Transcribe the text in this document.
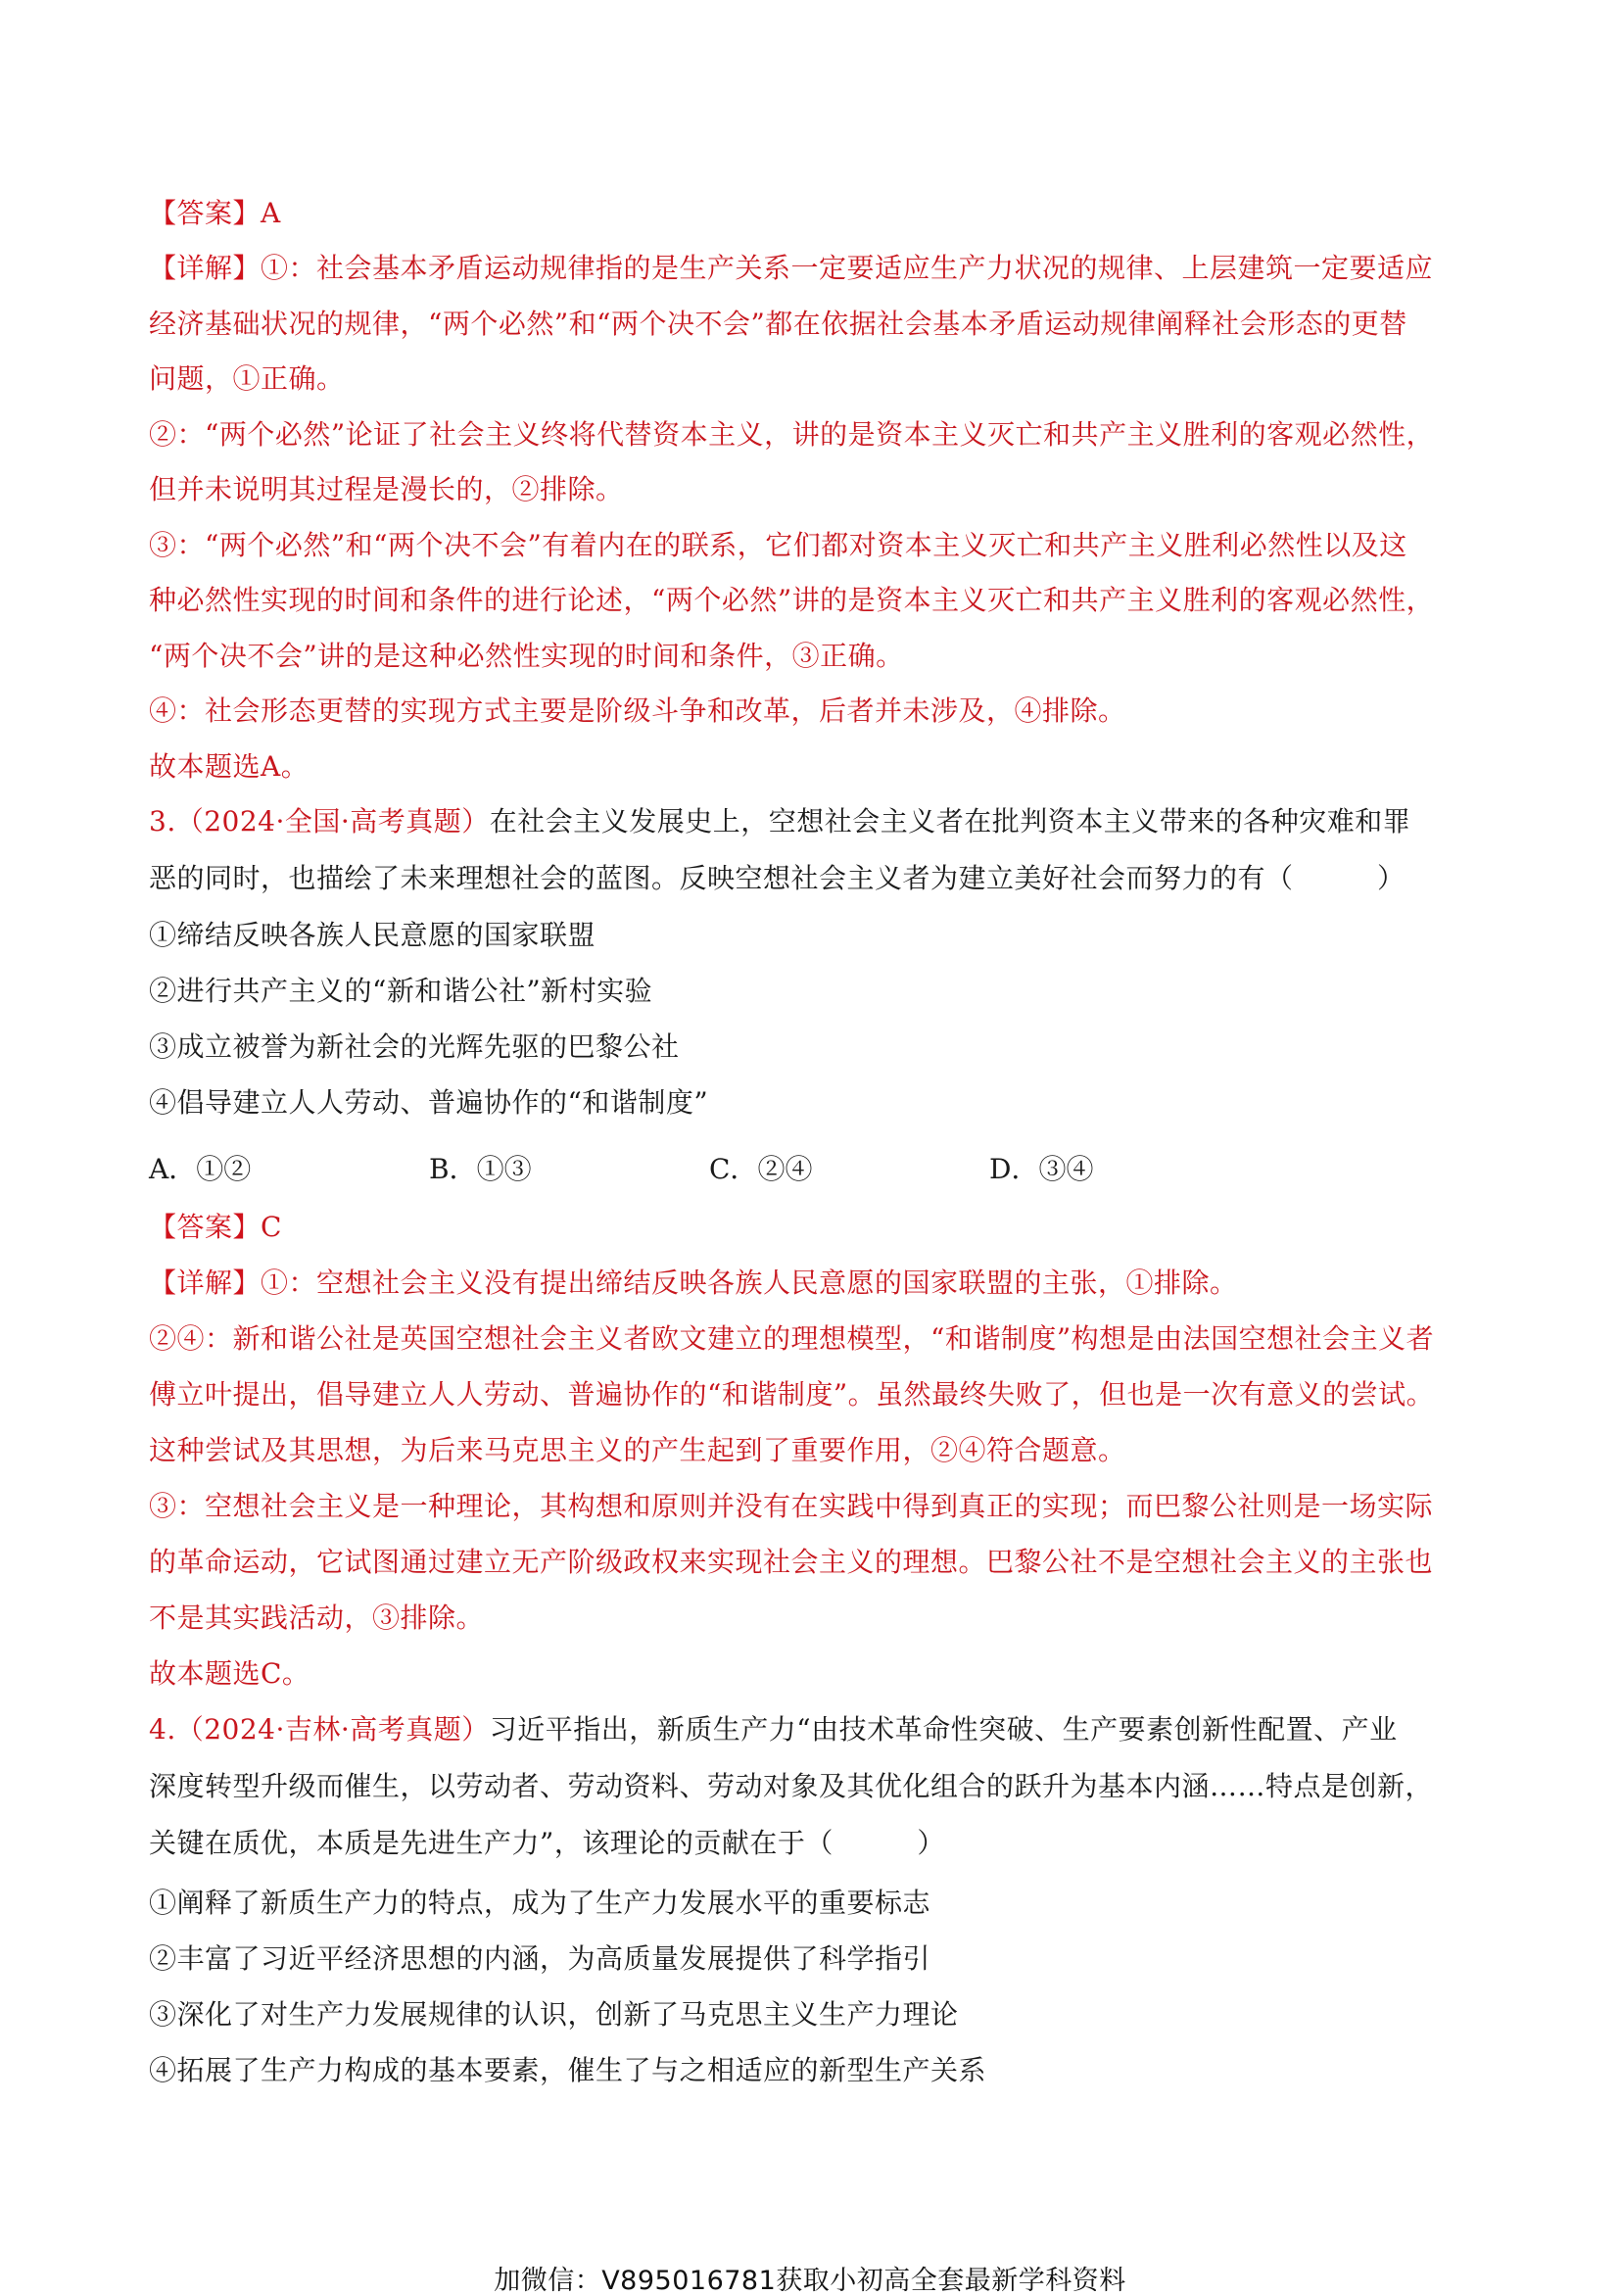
【答案】A
【详解】①：社会基本矛盾运动规律指的是生产关系一定要适应生产力状况的规律、上层建筑一定要适应
经济基础状况的规律，“两个必然”和“两个决不会”都在依据社会基本矛盾运动规律阐释社会形态的更替
问题，①正确。
②：“两个必然”论证了社会主义终将代替资本主义，讲的是资本主义灭亡和共产主义胜利的客观必然性，
但并未说明其过程是漫长的，②排除。
③：“两个必然”和“两个决不会”有着内在的联系，它们都对资本主义灭亡和共产主义胜利必然性以及这
种必然性实现的时间和条件的进行论述，“两个必然”讲的是资本主义灭亡和共产主义胜利的客观必然性，
“两个决不会”讲的是这种必然性实现的时间和条件，③正确。
④：社会形态更替的实现方式主要是阶级斗争和改革，后者并未涉及，④排除。
故本题选A。
3.（2024·全国·高考真题）在社会主义发展史上，空想社会主义者在批判资本主义带来的各种灾难和罪
恶的同时，也描绘了未来理想社会的蓝图。反映空想社会主义者为建立美好社会而努力的有（　　　）
①缔结反映各族人民意愿的国家联盟
②进行共产主义的“新和谐公社”新村实验
③成立被誉为新社会的光辉先驱的巴黎公社
④倡导建立人人劳动、普遍协作的“和谐制度”
A．①②	B．①③	C．②④	D．③④
【答案】C
【详解】①：空想社会主义没有提出缔结反映各族人民意愿的国家联盟的主张，①排除。
②④：新和谐公社是英国空想社会主义者欧文建立的理想模型，“和谐制度”构想是由法国空想社会主义者
傅立叶提出，倡导建立人人劳动、普遍协作的“和谐制度”。虽然最终失败了，但也是一次有意义的尝试。
这种尝试及其思想，为后来马克思主义的产生起到了重要作用，②④符合题意。
③：空想社会主义是一种理论，其构想和原则并没有在实践中得到真正的实现；而巴黎公社则是一场实际
的革命运动，它试图通过建立无产阶级政权来实现社会主义的理想。巴黎公社不是空想社会主义的主张也
不是其实践活动，③排除。
故本题选C。
4.（2024·吉林·高考真题）习近平指出，新质生产力“由技术革命性突破、生产要素创新性配置、产业
深度转型升级而催生，以劳动者、劳动资料、劳动对象及其优化组合的跃升为基本内涵……特点是创新，
关键在质优，本质是先进生产力”，该理论的贡献在于（　　　）
①阐释了新质生产力的特点，成为了生产力发展水平的重要标志
②丰富了习近平经济思想的内涵，为高质量发展提供了科学指引
③深化了对生产力发展规律的认识，创新了马克思主义生产力理论
④拓展了生产力构成的基本要素，催生了与之相适应的新型生产关系
加微信：V895016781获取小初高全套最新学科资料
